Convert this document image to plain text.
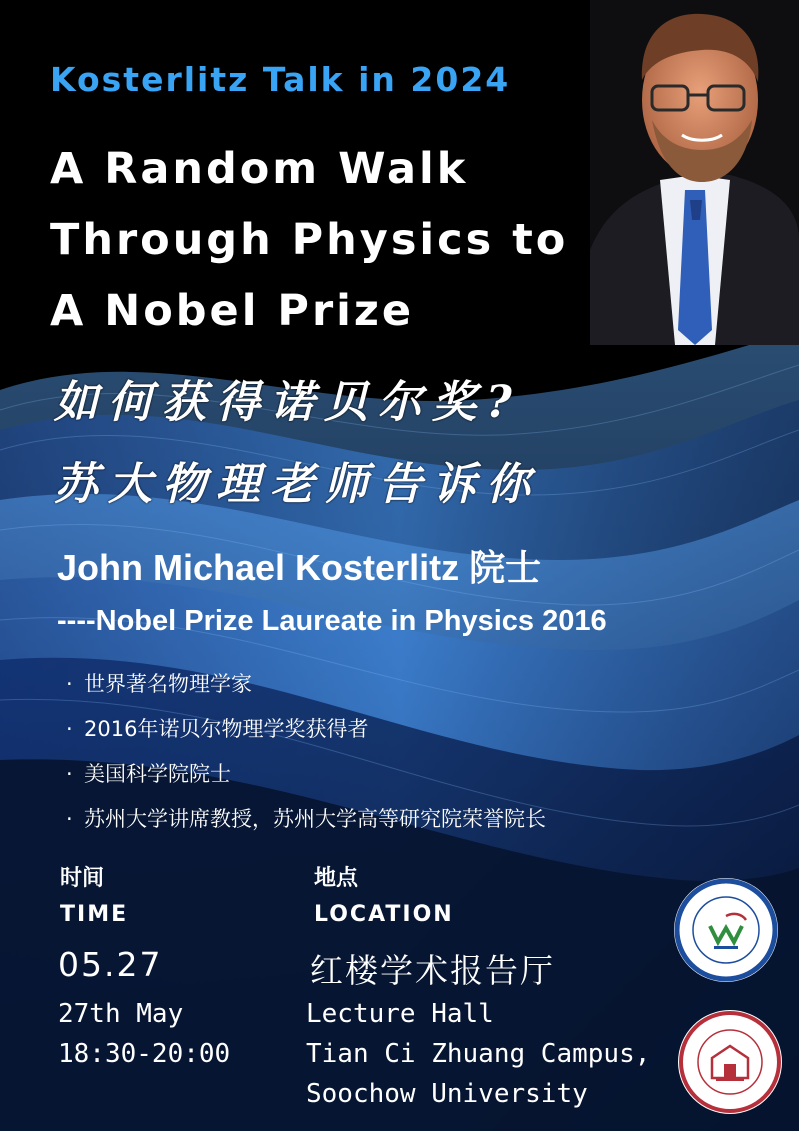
Kosterlitz Talk in 2024
A Random Walk
Through Physics to
A Nobel Prize
如何获得诺贝尔奖?
苏大物理老师告诉你
John Michael Kosterlitz 院士
----Nobel Prize Laureate in Physics 2016
· 世界著名物理学家
· 2016年诺贝尔物理学奖获得者
· 美国科学院院士
· 苏州大学讲席教授，苏州大学高等研究院荣誉院长
时间
TIME
05.27
27th May
18:30-20:00
地点
LOCATION
红楼学术报告厅
Lecture Hall
Tian Ci Zhuang Campus,
Soochow University
